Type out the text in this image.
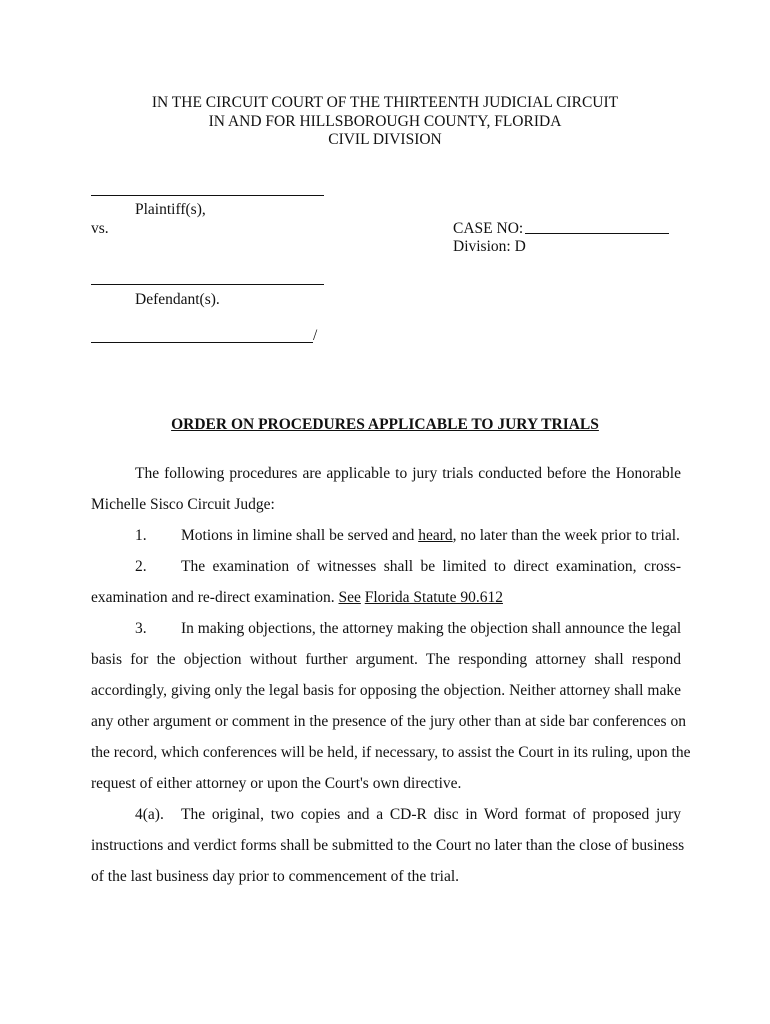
IN THE CIRCUIT COURT OF THE THIRTEENTH JUDICIAL CIRCUIT
IN AND FOR HILLSBOROUGH COUNTY, FLORIDA
CIVIL DIVISION
Plaintiff(s),
vs.	CASE NO:
Division: D
Defendant(s).
/
ORDER ON PROCEDURES APPLICABLE TO JURY TRIALS
The following procedures are applicable to jury trials conducted before the Honorable
Michelle Sisco Circuit Judge:
1. Motions in limine shall be served and heard, no later than the week prior to trial.
2. The examination of witnesses shall be limited to direct examination, cross-
examination and re-direct examination. See Florida Statute 90.612
3. In making objections, the attorney making the objection shall announce the legal
basis for the objection without further argument. The responding attorney shall respond
accordingly, giving only the legal basis for opposing the objection. Neither attorney shall make
any other argument or comment in the presence of the jury other than at side bar conferences on
the record, which conferences will be held, if necessary, to assist the Court in its ruling, upon the
request of either attorney or upon the Court's own directive.
4(a). The original, two copies and a CD-R disc in Word format of proposed jury
instructions and verdict forms shall be submitted to the Court no later than the close of business
of the last business day prior to commencement of the trial.
